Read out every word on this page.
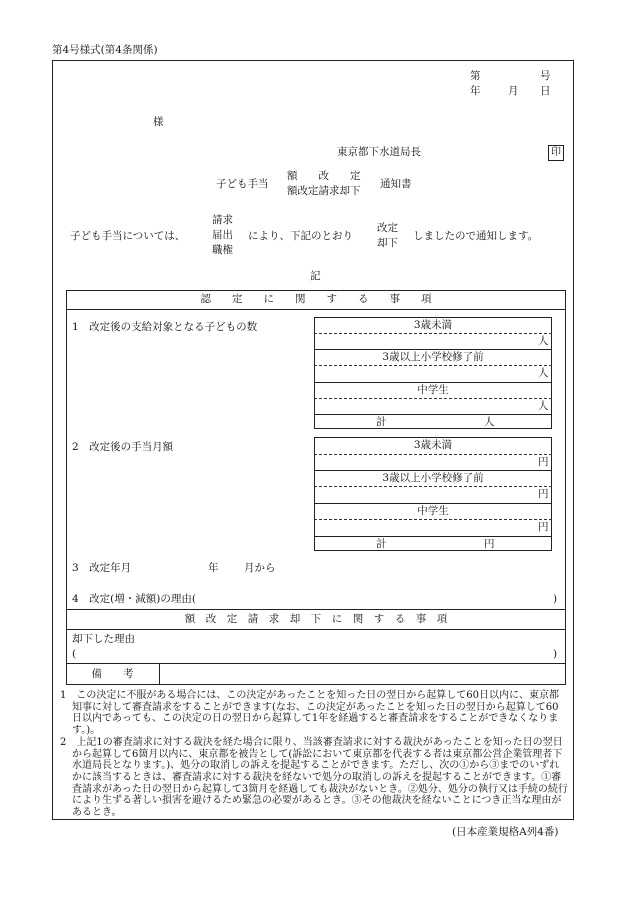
第4号様式(第4条関係)
第	号
年	月 日
様
東京都下水道局長	印
子ども手当
額　　改　　定
額改定請求却下
通知書
子ども手当については、
請求
届出
職権
により、下記のとおり
改定
却下
しましたので通知します。
記
認　　定　　に　　関　　す　　る　　事　　項
1　改定後の支給対象となる子どもの数	3歳未満
人
3歳以上小学校修了前
人
中学生
人
計	人
2　改定後の手当月額	3歳未満
円
3歳以上小学校修了前
円
中学生
円
計	円
3　改定年月	年 月から
4　改定(増・減額)の理由(	)
額　改　定　請　求　却　下　に　関　す　る　事　項
却下した理由
(	)
備　　考

1　この決定に不服がある場合には、この決定があったことを知った日の翌日から起算して60日以内に、東京都知事に対して審査請求をすることができます(なお、この決定があったことを知った日の翌日から起算して60日以内であっても、この決定の日の翌日から起算して1年を経過すると審査請求をすることができなくなります。)。

2　上記1の審査請求に対する裁決を経た場合に限り、当該審査請求に対する裁決があったことを知った日の翌日から起算して6箇月以内に、東京都を被告として(訴訟において東京都を代表する者は東京都公営企業管理者下水道局長となります。)、処分の取消しの訴えを提起することができます。ただし、次の①から③までのいずれかに該当するときは、審査請求に対する裁決を経ないで処分の取消しの訴えを提起することができます。①審査請求があった日の翌日から起算して3箇月を経過しても裁決がないとき。②処分、処分の執行又は手続の続行により生ずる著しい損害を避けるため緊急の必要があるとき。③その他裁決を経ないことにつき正当な理由があるとき。

(日本産業規格A列4番)
